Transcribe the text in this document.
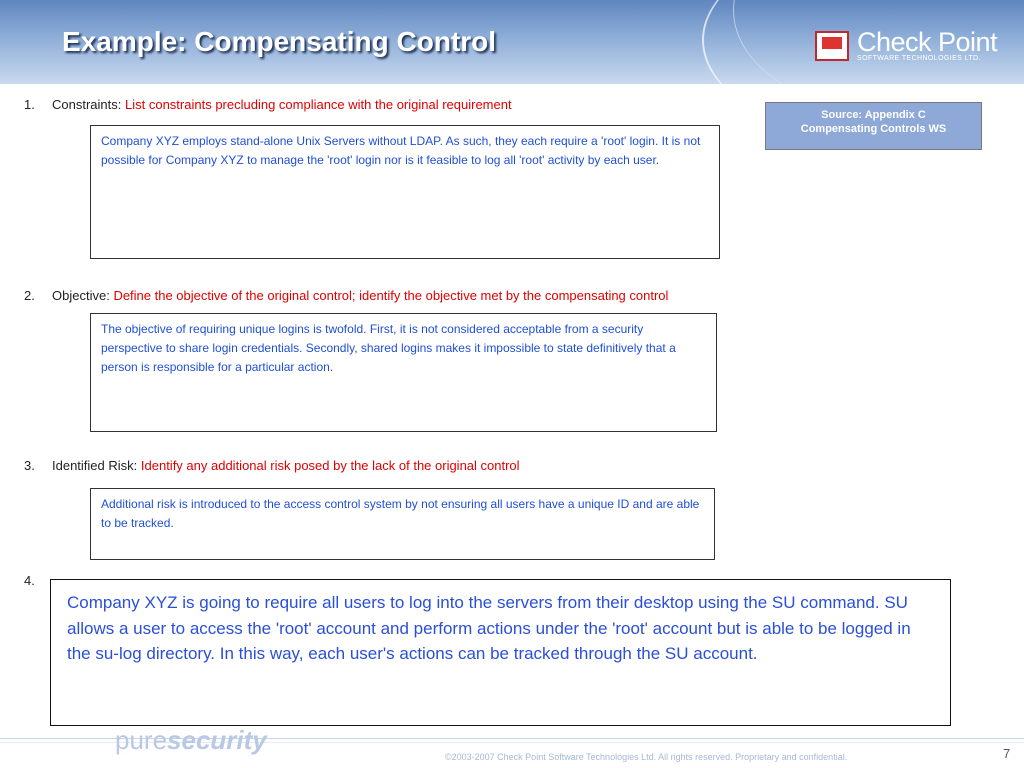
Example: Compensating Control	Check Point
SOFTWARE TECHNOLOGIES LTD.
Source: Appendix C
Compensating Controls WS
1. Constraints: List constraints precluding compliance with the original requirement
Company XYZ employs stand-alone Unix Servers without LDAP. As such, they each require a 'root' login. It is not possible for Company XYZ to manage the 'root' login nor is it feasible to log all 'root' activity by each user.
2. Objective: Define the objective of the original control; identify the objective met by the compensating control
The objective of requiring unique logins is twofold. First, it is not considered acceptable from a security perspective to share login credentials. Secondly, shared logins makes it impossible to state definitively that a person is responsible for a particular action.
3. Identified Risk: Identify any additional risk posed by the lack of the original control
Additional risk is introduced to the access control system by not ensuring all users have a unique ID and are able to be tracked.
4.
Company XYZ is going to require all users to log into the servers from their desktop using the SU command. SU allows a user to access the 'root' account and perform actions under the 'root' account but is able to be logged in the su-log directory. In this way, each user's actions can be tracked through the SU account.
puresecurity
©2003-2007 Check Point Software Technologies Ltd. All rights reserved. Proprietary and confidential.	7
